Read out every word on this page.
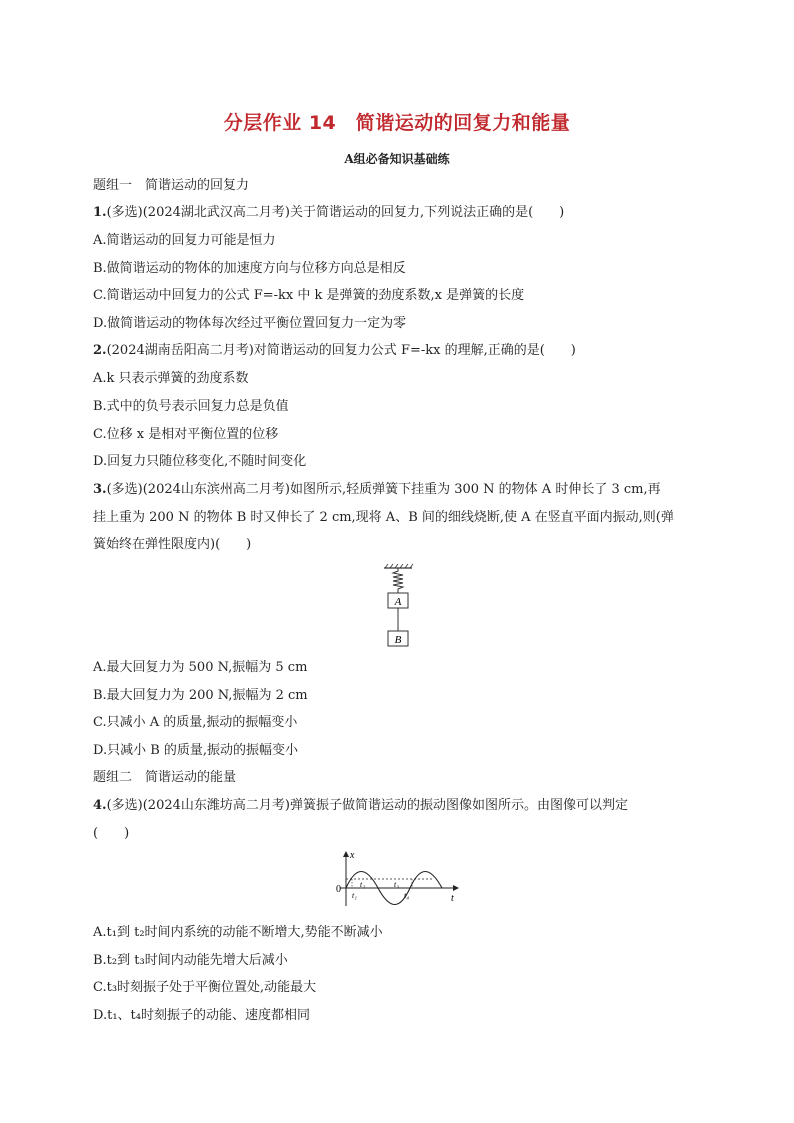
分层作业 14　简谐运动的回复力和能量
A组必备知识基础练
题组一　简谐运动的回复力
1.(多选)(2024湖北武汉高二月考)关于简谐运动的回复力,下列说法正确的是(　　)
A.简谐运动的回复力可能是恒力
B.做简谐运动的物体的加速度方向与位移方向总是相反
C.简谐运动中回复力的公式 F=-kx 中 k 是弹簧的劲度系数,x 是弹簧的长度
D.做简谐运动的物体每次经过平衡位置回复力一定为零
2.(2024湖南岳阳高二月考)对简谐运动的回复力公式 F=-kx 的理解,正确的是(　　)
A.k 只表示弹簧的劲度系数
B.式中的负号表示回复力总是负值
C.位移 x 是相对平衡位置的位移
D.回复力只随位移变化,不随时间变化
3.(多选)(2024山东滨州高二月考)如图所示,轻质弹簧下挂重为 300 N 的物体 A 时伸长了 3 cm,再
挂上重为 200 N 的物体 B 时又伸长了 2 cm,现将 A、B 间的细线烧断,使 A 在竖直平面内振动,则(弹
簧始终在弹性限度内)(　　)
A
B
A.最大回复力为 500 N,振幅为 5 cm
B.最大回复力为 200 N,振幅为 2 cm
C.只减小 A 的质量,振动的振幅变小
D.只减小 B 的质量,振动的振幅变小
题组二　简谐运动的能量
4.(多选)(2024山东潍坊高二月考)弹簧振子做简谐运动的振动图像如图所示。由图像可以判定
(　　)
x
t
0 t₂	t₃
t₁	t₄
A.t₁到 t₂时间内系统的动能不断增大,势能不断减小
B.t₂到 t₃时间内动能先增大后减小
C.t₃时刻振子处于平衡位置处,动能最大
D.t₁、t₄时刻振子的动能、速度都相同
